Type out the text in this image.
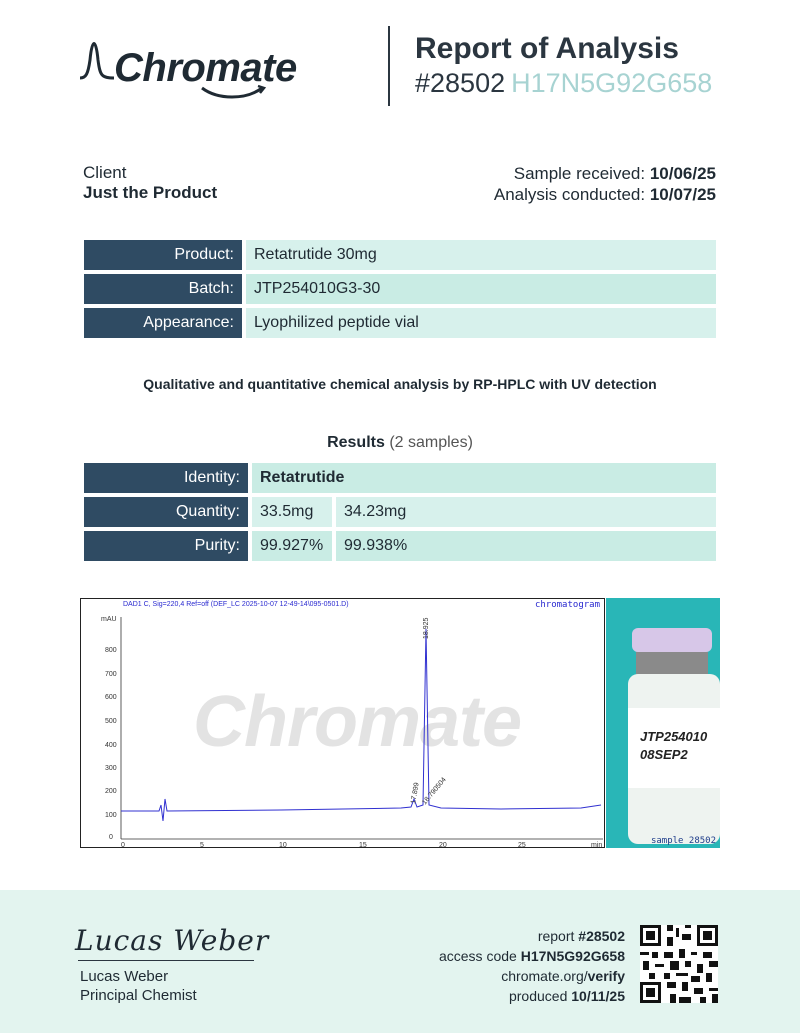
Chromate	Report of Analysis
#28502 H17N5G92G658
Client
Just the Product
Sample received: 10/06/25
Analysis conducted: 10/07/25
Product:	Retatrutide 30mg
Batch:	JTP254010G3-30
Appearance:	Lyophilized peptide vial
Qualitative and quantitative chemical analysis by RP-HPLC with UV detection
Results (2 samples)
Identity:	Retatrutide
Quantity:	33.5mg	34.23mg
Purity:	99.927%	99.938%
Chromate
mAU
800
700
600
500
400
300
200
100
0
0	5	10	15	20	25	min
18.925
17.899 18.790504
DAD1 C, Sig=220,4 Ref=off (DEF_LC 2025-10-07 12-49-14\095-0501.D)	chromatogram
JTP254010
08SEP2
sample 28502
Lucas Weber
Lucas Weber
Principal Chemist
report #28502
access code H17N5G92G658
chromate.org/verify
produced 10/11/25
